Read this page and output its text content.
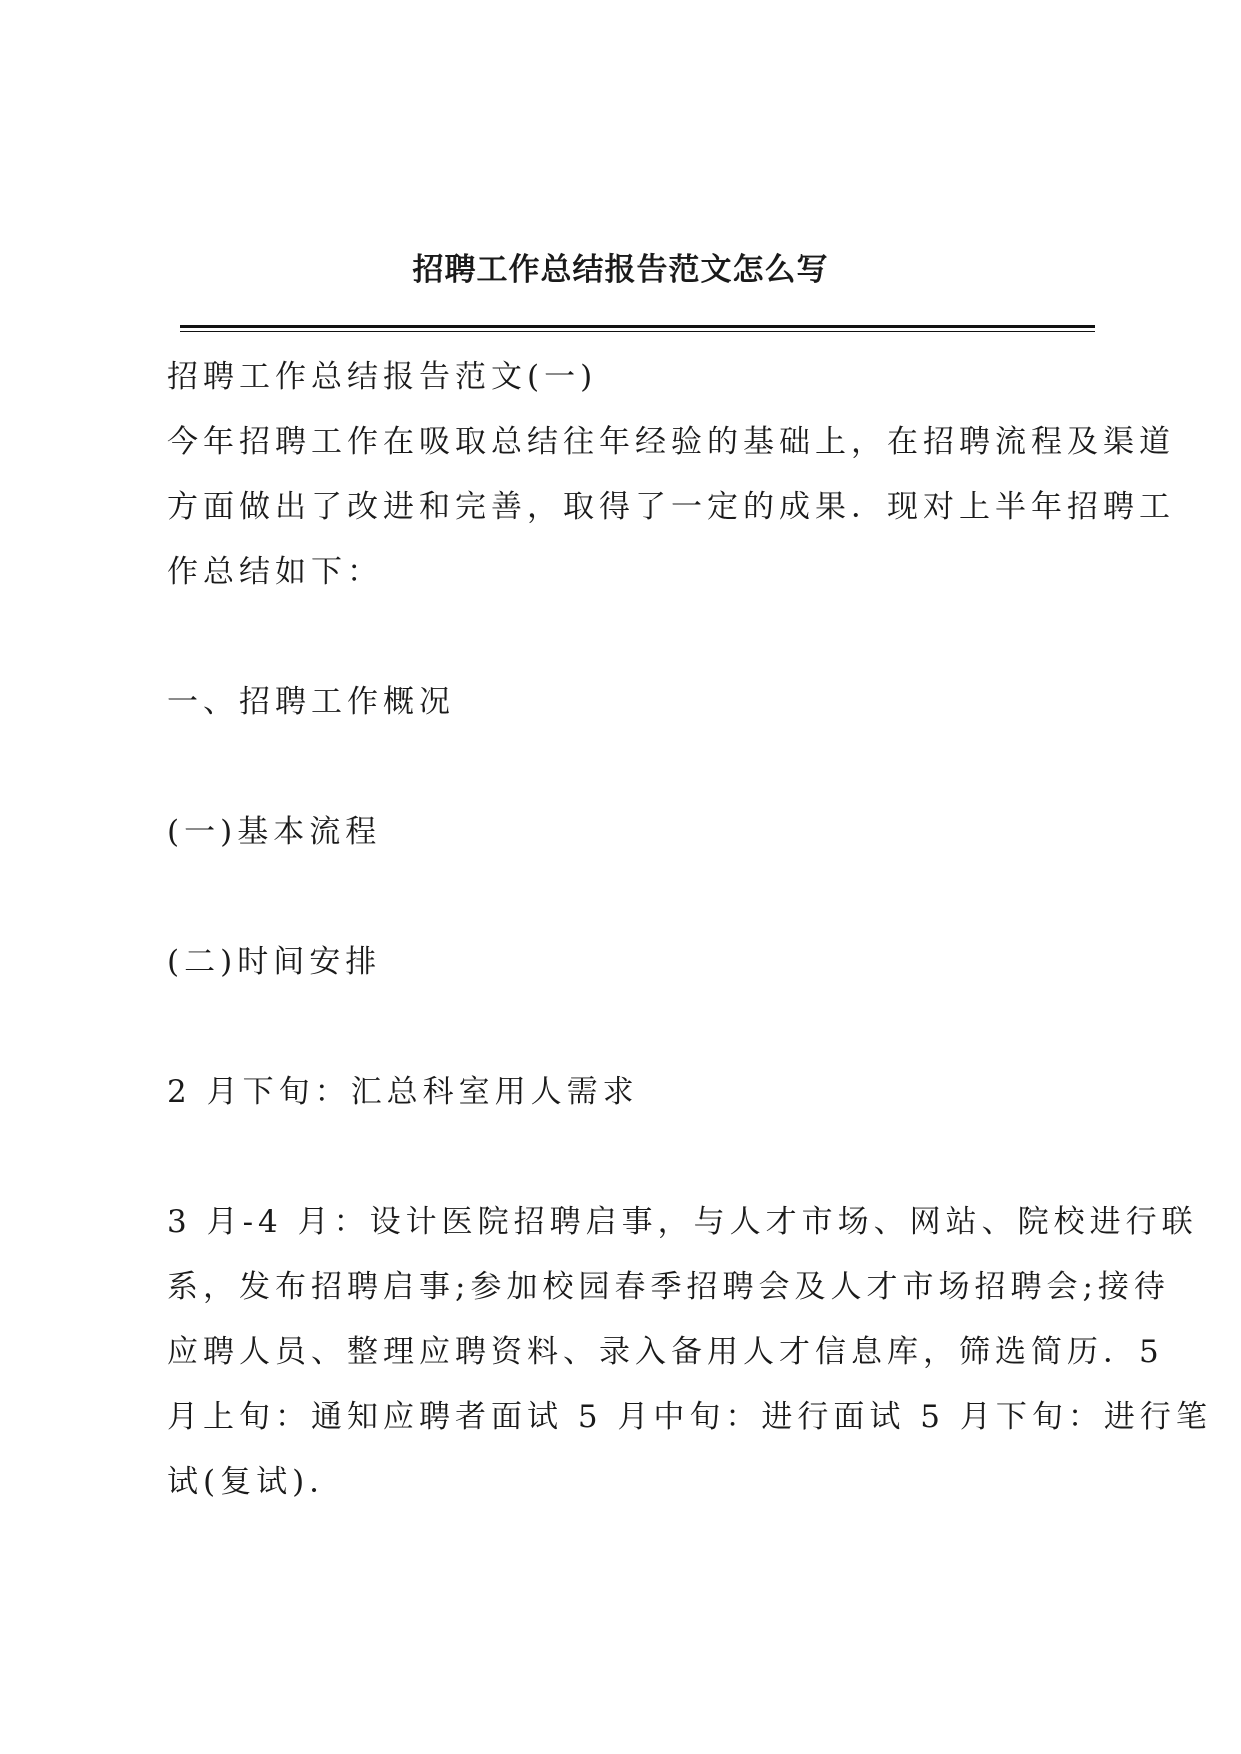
招聘工作总结报告范文怎么写
招聘工作总结报告范文(一)
今年招聘工作在吸取总结往年经验的基础上，在招聘流程及渠道
方面做出了改进和完善，取得了一定的成果．现对上半年招聘工
作总结如下：
一、招聘工作概况
(一)基本流程
(二)时间安排
2 月下旬：汇总科室用人需求
3 月-4 月：设计医院招聘启事，与人才市场、网站、院校进行联
系，发布招聘启事;参加校园春季招聘会及人才市场招聘会;接待
应聘人员、整理应聘资料、录入备用人才信息库，筛选简历．5
月上旬：通知应聘者面试 5 月中旬：进行面试 5 月下旬：进行笔
试(复试)．
